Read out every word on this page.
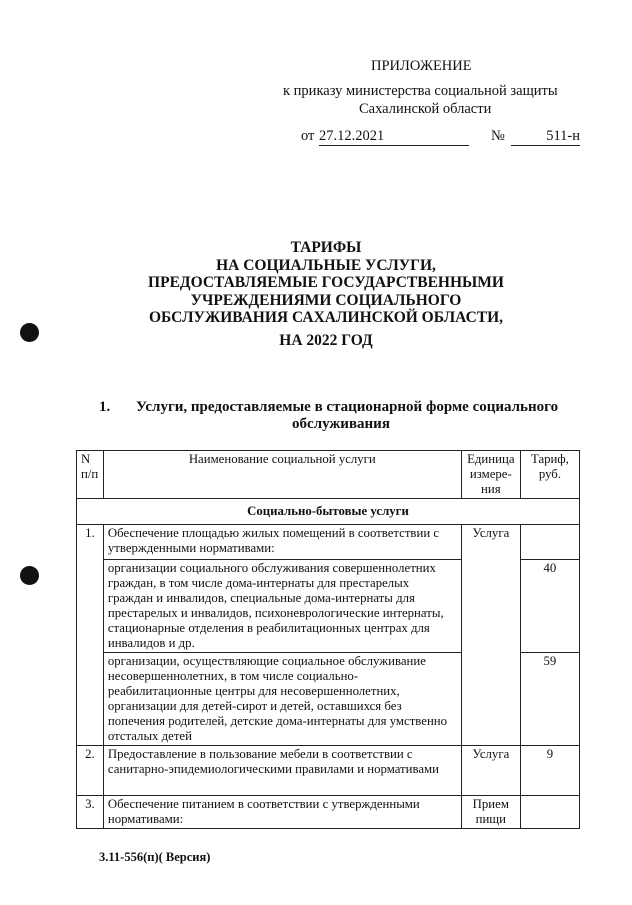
ПРИЛОЖЕНИЕ
к приказу министерства социальной защиты
Сахалинской области
от 27.12.2021	№	511-н
ТАРИФЫ
НА СОЦИАЛЬНЫЕ УСЛУГИ,
ПРЕДОСТАВЛЯЕМЫЕ ГОСУДАРСТВЕННЫМИ
УЧРЕЖДЕНИЯМИ СОЦИАЛЬНОГО
ОБСЛУЖИВАНИЯ САХАЛИНСКОЙ ОБЛАСТИ,
НА 2022 ГОД
1. Услуги, предоставляемые в стационарной форме социального
обслуживания
N п/п	Наименование социальной услуги	Единица измере-ния	Тариф, руб.
Социально-бытовые услуги			
1.	Обеспечение площадью жилых помещений в соответствии с утвержденными нормативами:	Услуга	
	организации социального обслуживания совершеннолетних граждан, в том числе дома-интернаты для престарелых граждан и инвалидов, специальные дома-интернаты для престарелых и инвалидов, психоневрологические интернаты, стационарные отделения в реабилитационных центрах для инвалидов и др.		40
	организации, осуществляющие социальное обслуживание несовершеннолетних, в том числе социально-реабилитационные центры для несовершеннолетних, организации для детей-сирот и детей, оставшихся без попечения родителей, детские дома-интернаты для умственно отсталых детей		59
2.	Предоставление в пользование мебели в соответствии с санитарно-эпидемиологическими правилами и нормативами	Услуга	9
3.	Обеспечение питанием в соответствии с утвержденными нормативами:	Прием пищи	
3.11-556(п)( Версия)
